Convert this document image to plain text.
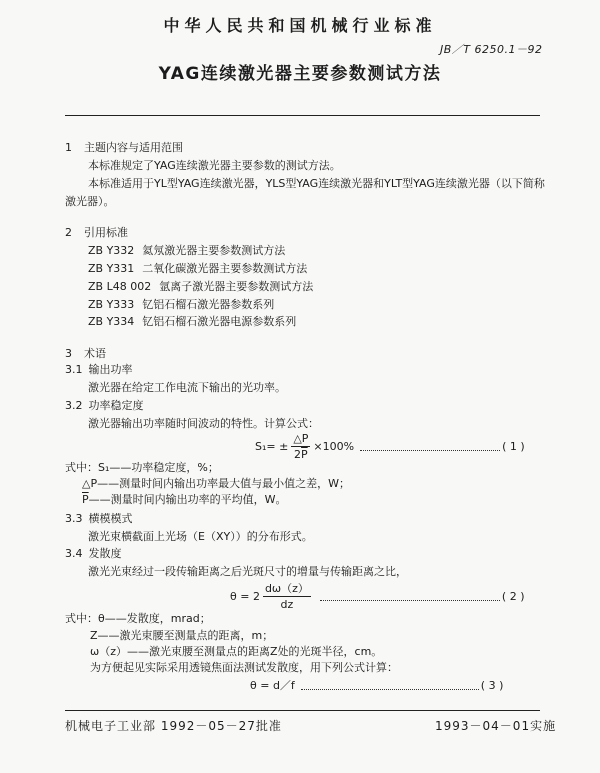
中华人民共和国机械行业标准
JB／T 6250.1－92
YAG连续激光器主要参数测试方法
1 主题内容与适用范围
本标准规定了YAG连续激光器主要参数的测试方法。
本标准适用于YL型YAG连续激光器，YLS型YAG连续激光器和YLT型YAG连续激光器（以下简称
激光器）。
2 引用标准
ZB Y332 氦氖激光器主要参数测试方法
ZB Y331 二氧化碳激光器主要参数测试方法
ZB L48 002 氩离子激光器主要参数测试方法
ZB Y333 钇铝石榴石激光器参数系列
ZB Y334 钇铝石榴石激光器电源参数系列
3 术语
3.1 输出功率
激光器在给定工作电流下输出的光功率。
3.2 功率稳定度
激光器输出功率随时间波动的特性。计算公式：
$S_1= \pm \frac{\triangle P}{2\overline{P}} \times 100\%$	( 1 )
式中：S₁——功率稳定度，%；
△P——测量时间内输出功率最大值与最小值之差，W；
$\overline{P}——$测量时间内输出功率的平均值，W。
3.3 横模模式
激光束横截面上光场（E（XY））的分布形式。
3.4 发散度
激光光束经过一段传输距离之后光斑尺寸的增量与传输距离之比，
$\theta = 2 \frac{d\omega(z)}{dz}$	( 2 )
式中：θ——发散度，mrad；
Z——激光束腰至测量点的距离，m；
ω（z）——激光束腰至测量点的距离Z处的光斑半径，cm。
为方便起见实际采用透镜焦面法测试发散度，用下列公式计算：
θ = d／f	( 3 )
机械电子工业部 1992－05－27批准	1993－04－01实施
